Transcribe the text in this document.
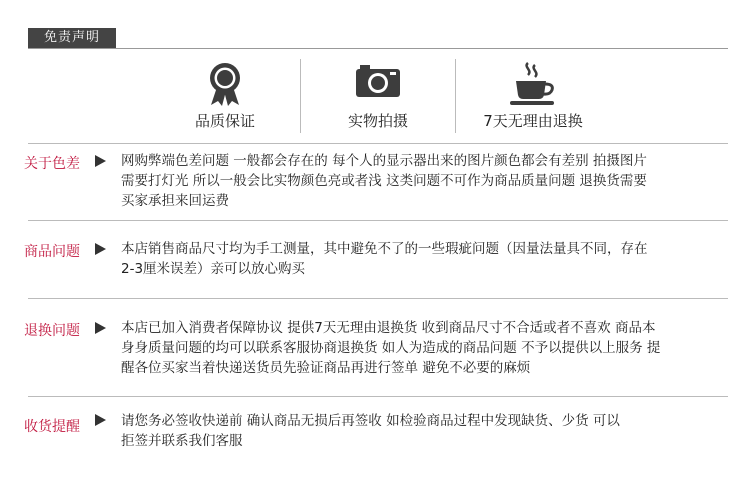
免责声明
品质保证	实物拍摄	7天无理由退换
关于色差	网购弊端色差问题 一般都会存在的 每个人的显示器出来的图片颜色都会有差别 拍摄图片
需要打灯光 所以一般会比实物颜色亮或者浅 这类问题不可作为商品质量问题 退换货需要
买家承担来回运费
商品问题	本店销售商品尺寸均为手工测量，其中避免不了的一些瑕疵问题（因量法量具不同，存在
2-3厘米误差）亲可以放心购买
退换问题	本店已加入消费者保障协议 提供7天无理由退换货 收到商品尺寸不合适或者不喜欢 商品本
身身质量问题的均可以联系客服协商退换货 如人为造成的商品问题 不予以提供以上服务 提
醒各位买家当着快递送货员先验证商品再进行签单 避免不必要的麻烦
收货提醒	请您务必签收快递前 确认商品无损后再签收 如检验商品过程中发现缺货、少货 可以
拒签并联系我们客服
